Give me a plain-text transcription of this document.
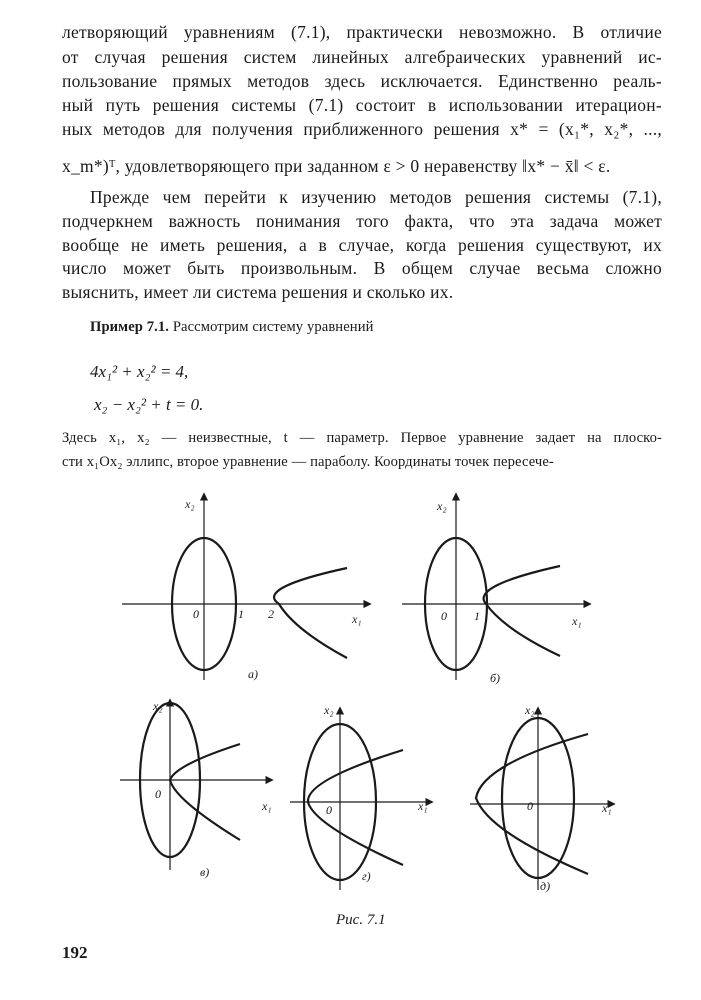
летворяющий уравнениям (7.1), практически невозможно. В отличие
от случая решения систем линейных алгебраических уравнений ис-
пользование прямых методов здесь исключается. Единственно реаль-
ный путь решения системы (7.1) состоит в использовании итерацион-
ных методов для получения приближенного решения x* = (x₁*, x₂*, ...,
x_m*)ᵀ, удовлетворяющего при заданном ε > 0 неравенству ‖x* − x̄‖ < ε.
Прежде чем перейти к изучению методов решения системы (7.1),
подчеркнем важность понимания того факта, что эта задача может
вообще не иметь решения, а в случае, когда решения существуют, их
число может быть произвольным. В общем случае весьма сложно
выяснить, имеет ли система решения и сколько их.
Пример 7.1. Рассмотрим систему уравнений
4x₁² + x₂² = 4,
x₂ − x₂² + t = 0.
Здесь x₁, x₂ — неизвестные, t — параметр. Первое уравнение задает на плоско-
сти x₁Ox₂ эллипс, второе уравнение — параболу. Координаты точек пересече-
x₂
x₁
0	1 2
а)
x₂
x₁
0 1
б)
x₂
x₁
0
в)
x₂
x₁
0
г)
x₂
x₁
0
д)
Рис. 7.1
192
